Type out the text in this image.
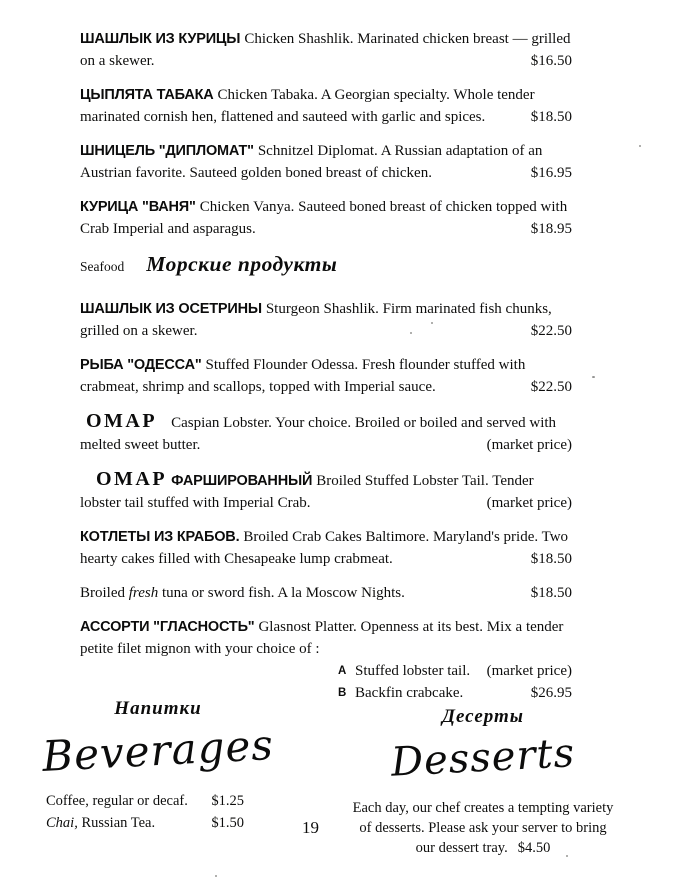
ШАШЛЫК ИЗ КУРИЦЫ Chicken Shashlik. Marinated chicken breast — grilled on a skewer.	$16.50

ЦЫПЛЯТА ТАБАКА Chicken Tabaka. A Georgian specialty. Whole tender marinated cornish hen, flattened and sauteed with garlic and spices.	$18.50

ШНИЦЕЛЬ "ДИПЛОМАТ" Schnitzel Diplomat. A Russian adaptation of an Austrian favorite. Sauteed golden boned breast of chicken.	$16.95

КУРИЦА "ВАНЯ" Chicken Vanya. Sauteed boned breast of chicken topped with Crab Imperial and asparagus.	$18.95
Seafood Морские продукты

ШАШЛЫК ИЗ ОСЕТРИНЫ Sturgeon Shashlik. Firm marinated fish chunks, grilled on a skewer.	$22.50

РЫБА "ОДЕССА" Stuffed Flounder Odessa. Fresh flounder stuffed with crabmeat, shrimp and scallops, topped with Imperial sauce.	$22.50

ОМАР Caspian Lobster. Your choice. Broiled or boiled and served with melted sweet butter.	(market price)

ОМАР ФАРШИРОВАННЫЙ Broiled Stuffed Lobster Tail. Tender lobster tail stuffed with Imperial Crab.	(market price)

КОТЛЕТЫ ИЗ КРАБОВ. Broiled Crab Cakes Baltimore. Maryland's pride. Two hearty cakes filled with Chesapeake lump crabmeat.	$18.50

Broiled fresh tuna or sword fish. A la Moscow Nights.	$18.50

АССОРТИ "ГЛАСНОСТЬ" Glasnost Platter. Openness at its best. Mix a tender petite filet mignon with your choice of :

A Stuffed lobster tail.	(market price)
B Backfin crabcake.	$26.95
Напитки
Beverages
Coffee, regular or decaf. $1.25
Chai, Russian Tea.	$1.50
Десерты
Desserts

Each day, our chef creates a tempting variety of desserts. Please ask your server to bring our dessert tray. $4.50

19
